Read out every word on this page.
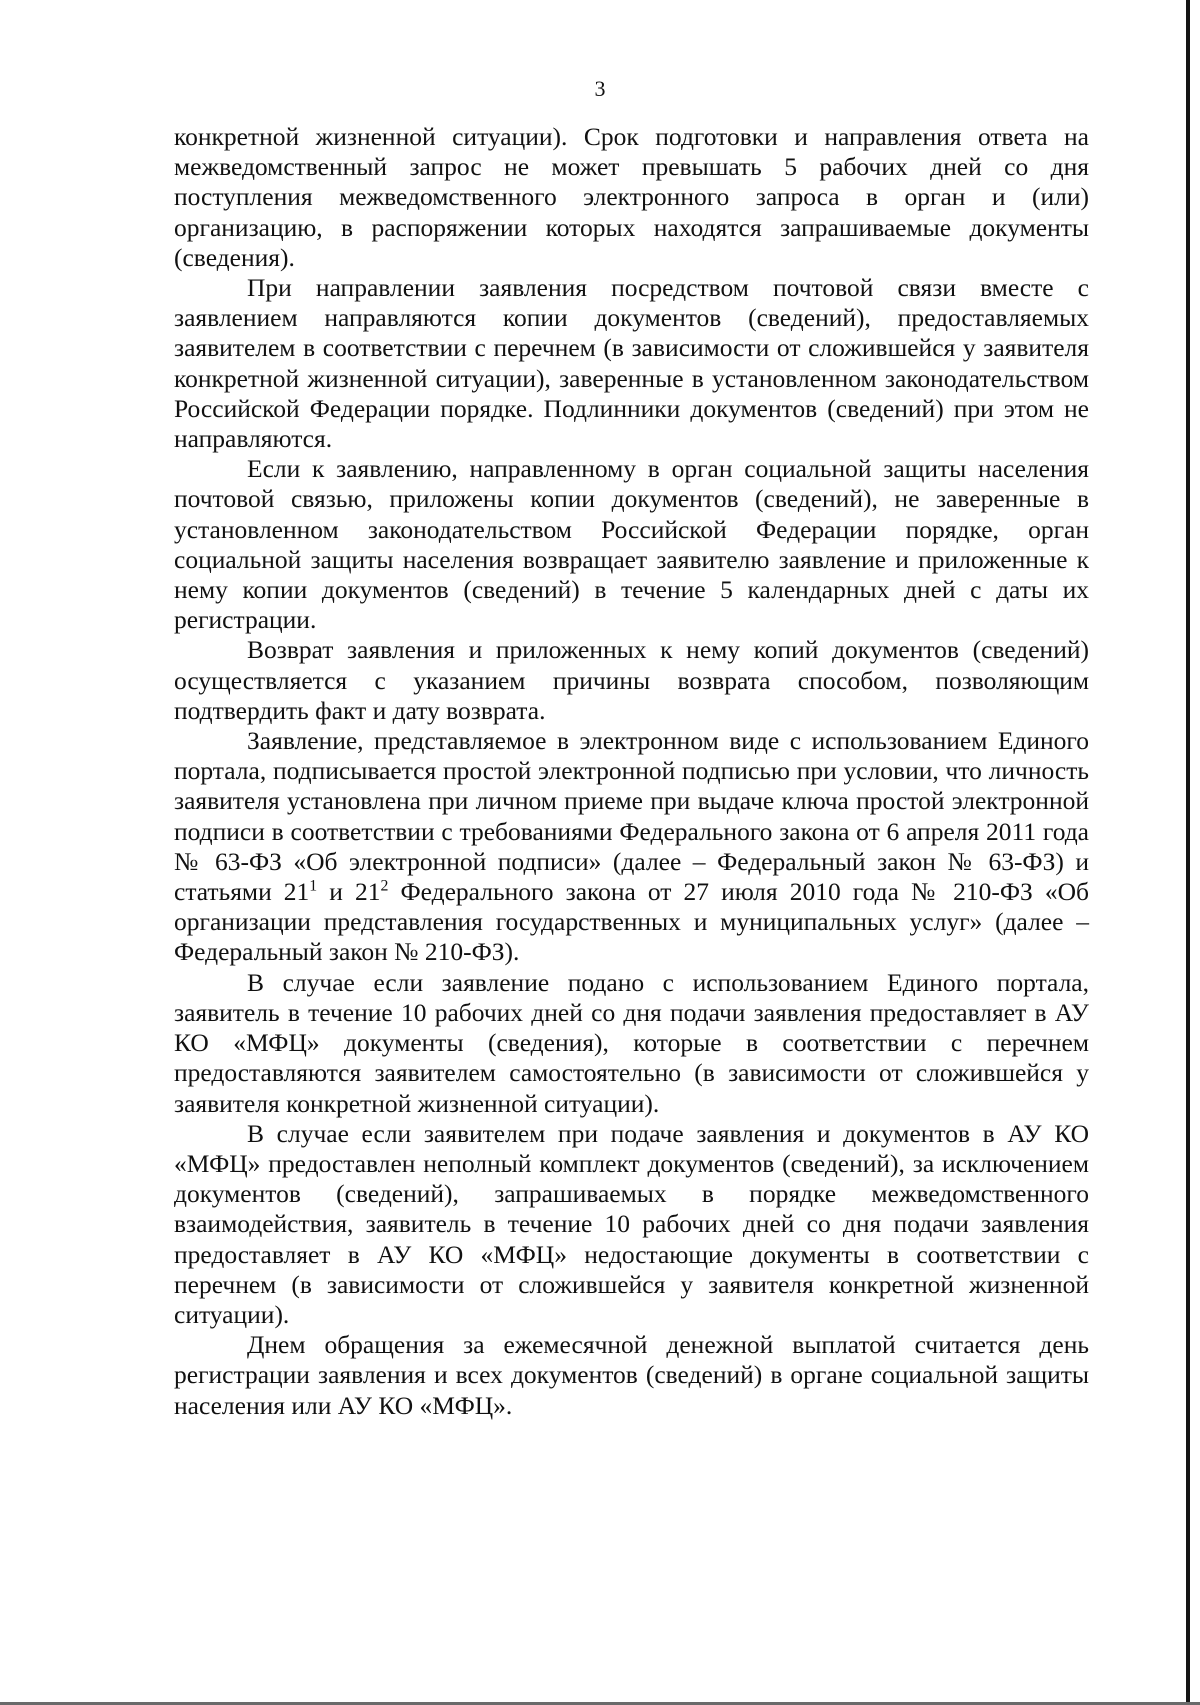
3

конкретной жизненной ситуации). Срок подготовки и направления ответа на межведомственный запрос не может превышать 5 рабочих дней со дня поступления межведомственного электронного запроса в орган и (или) организацию, в распоряжении которых находятся запрашиваемые документы (сведения).

При направлении заявления посредством почтовой связи вместе с заявлением направляются копии документов (сведений), предоставляемых заявителем в соответствии с перечнем (в зависимости от сложившейся у заявителя конкретной жизненной ситуации), заверенные в установленном законодательством Российской Федерации порядке. Подлинники документов (сведений) при этом не направляются.

Если к заявлению, направленному в орган социальной защиты населения почтовой связью, приложены копии документов (сведений), не заверенные в установленном законодательством Российской Федерации порядке, орган социальной защиты населения возвращает заявителю заявление и приложенные к нему копии документов (сведений) в течение 5 календарных дней с даты их регистрации.

Возврат заявления и приложенных к нему копий документов (сведений) осуществляется с указанием причины возврата способом, позволяющим подтвердить факт и дату возврата.

Заявление, представляемое в электронном виде с использованием Единого портала, подписывается простой электронной подписью при условии, что личность заявителя установлена при личном приеме при выдаче ключа простой электронной подписи в соответствии с требованиями Федерального закона от 6 апреля 2011 года № 63-ФЗ «Об электронной подписи» (далее – Федеральный закон № 63-ФЗ) и статьями $21^1$ и $21^2$ Федерального закона от 27 июля 2010 года № 210-ФЗ «Об организации представления государственных и муниципальных услуг» (далее – Федеральный закон № 210-ФЗ).

В случае если заявление подано с использованием Единого портала, заявитель в течение 10 рабочих дней со дня подачи заявления предоставляет в АУ КО «МФЦ» документы (сведения), которые в соответствии с перечнем предоставляются заявителем самостоятельно (в зависимости от сложившейся у заявителя конкретной жизненной ситуации).

В случае если заявителем при подаче заявления и документов в АУ КО «МФЦ» предоставлен неполный комплект документов (сведений), за исключением документов (сведений), запрашиваемых в порядке межведомственного взаимодействия, заявитель в течение 10 рабочих дней со дня подачи заявления предоставляет в АУ КО «МФЦ» недостающие документы в соответствии с перечнем (в зависимости от сложившейся у заявителя конкретной жизненной ситуации).

Днем обращения за ежемесячной денежной выплатой считается день регистрации заявления и всех документов (сведений) в органе социальной защиты населения или АУ КО «МФЦ».
